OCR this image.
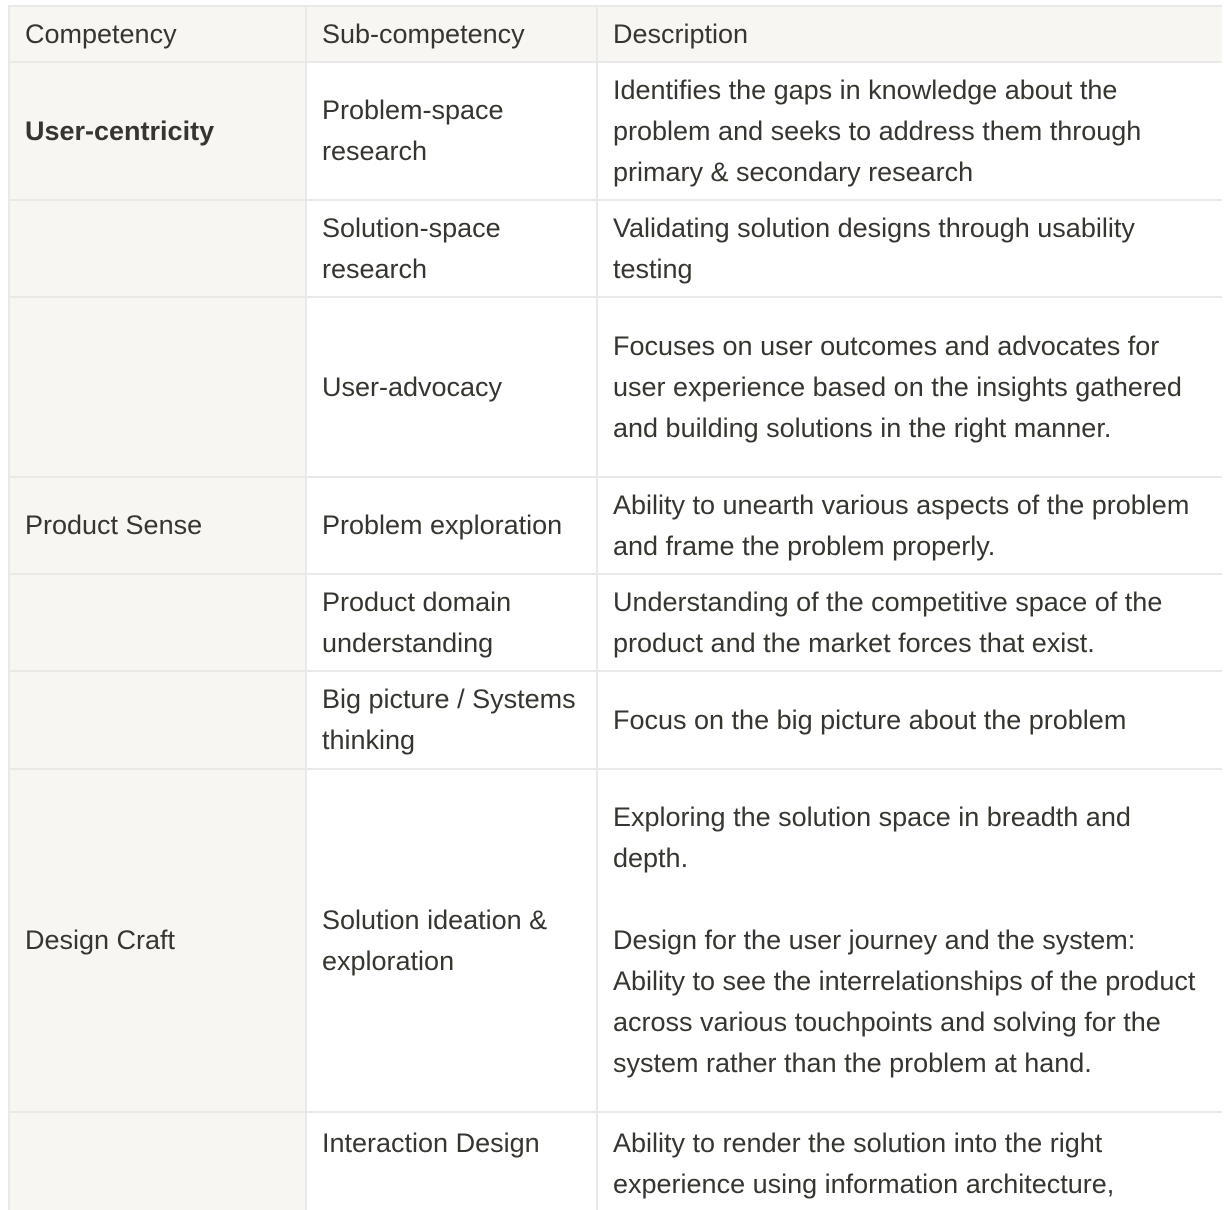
Competency	Sub-competency	Description
User-centricity	Problem-space research	Identifies the gaps in knowledge about the problem and seeks to address them through primary & secondary research

	Solution-space research	Validating solution designs through usability testing

	User-advocacy	Focuses on user outcomes and advocates for user experience based on the insights gathered and building solutions in the right manner.

Product Sense	Problem exploration	Ability to unearth various aspects of the problem and frame the problem properly.

	Product domain understanding	Understanding of the competitive space of the product and the market forces that exist.

	Big picture / Systems thinking	Focus on the big picture about the problem

Design Craft	Solution ideation & exploration	Exploring the solution space in breadth and depth.
Design for the user journey and the system: Ability to see the interrelationships of the product across various touchpoints and solving for the system rather than the problem at hand.

	Interaction Design	Ability to render the solution into the right experience using information architecture,
